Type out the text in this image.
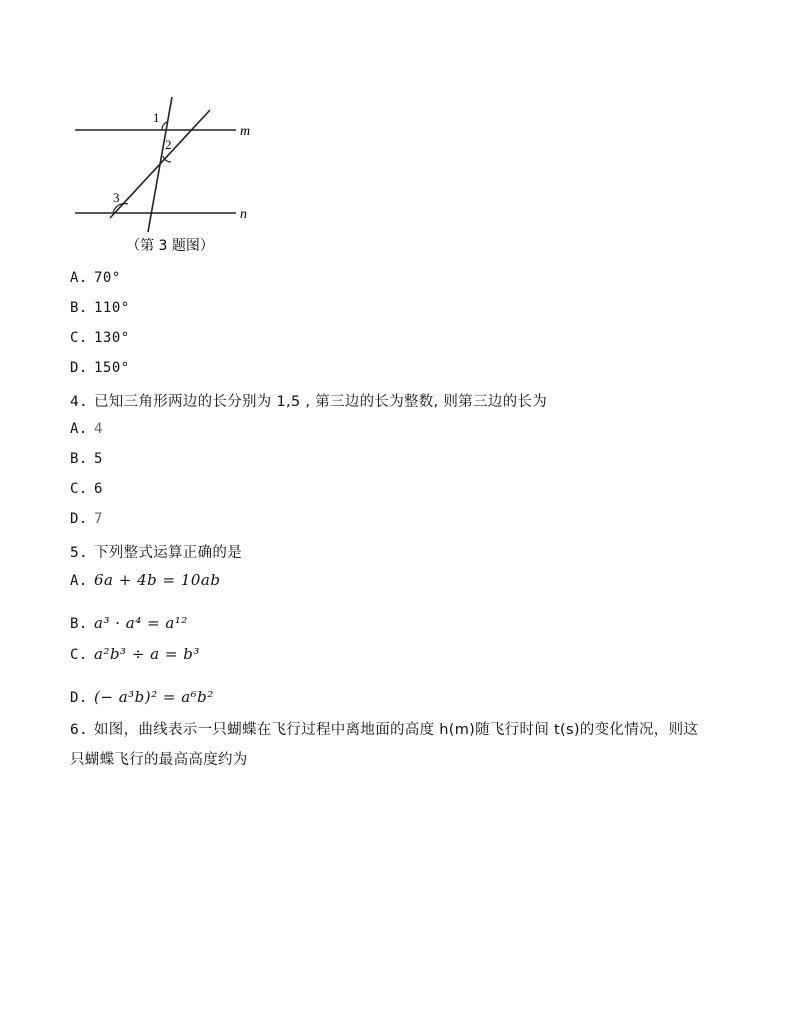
1
2
3
m
n
（第 3 题图）
A. 70°
B. 110°
C. 130°
D. 150°
4. 已知三角形两边的长分别为 1,5 , 第三边的长为整数, 则第三边的长为
A. 4
B. 5
C. 6
D. 7
5. 下列整式运算正确的是
A. 6a + 4b = 10ab
B. a³ · a⁴ = a¹²
C. a²b³ ÷ a = b³
D. (− a³b)² = a⁶b²
6. 如图，曲线表示一只蝴蝶在飞行过程中离地面的高度 h(m)随飞行时间 t(s)的变化情况，则这
只蝴蝶飞行的最高高度约为
